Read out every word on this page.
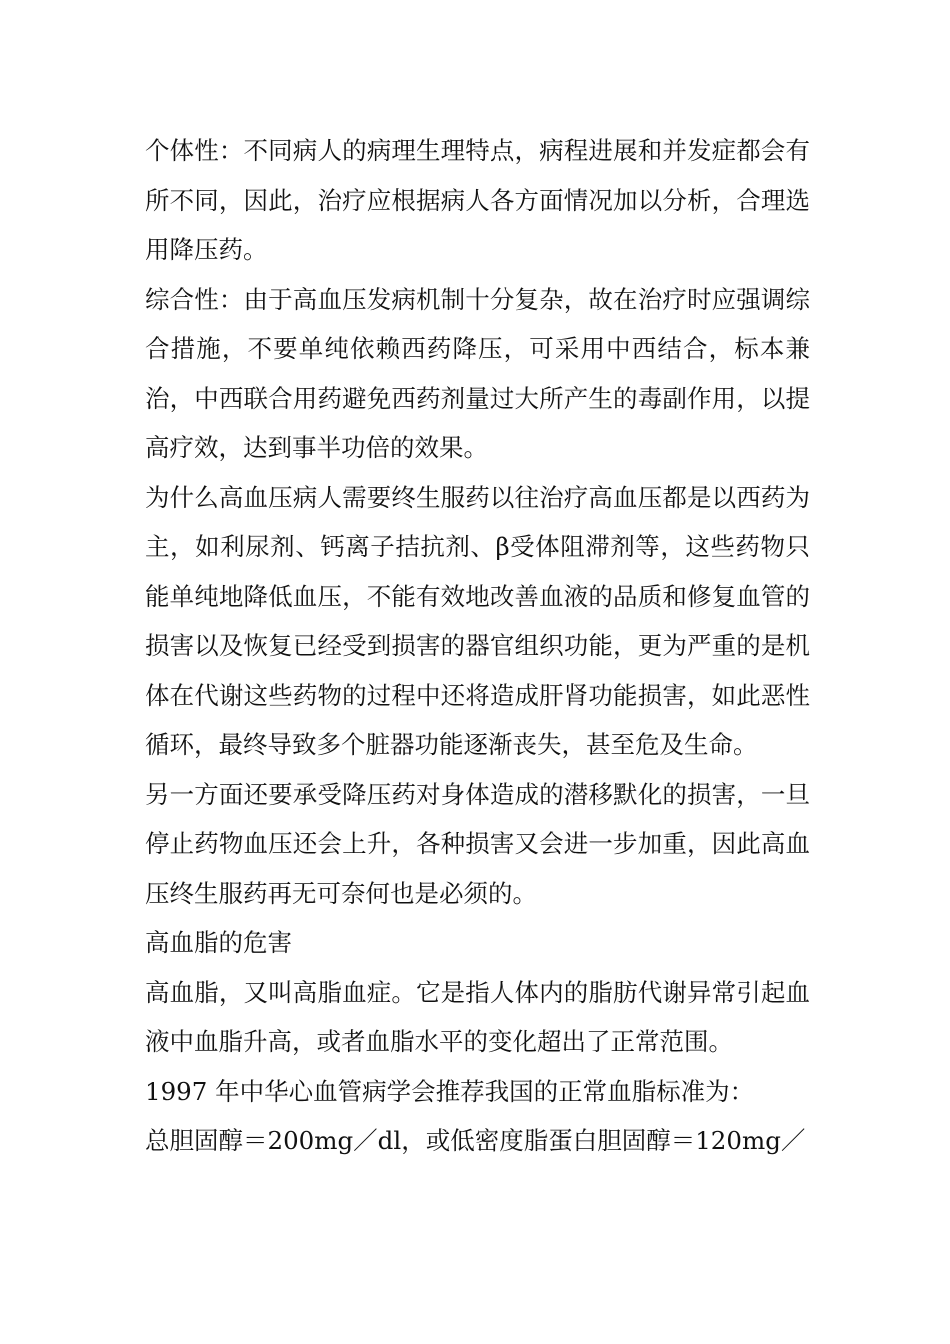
个体性：不同病人的病理生理特点，病程进展和并发症都会有所不同，因此，治疗应根据病人各方面情况加以分析，合理选用降压药。

综合性：由于高血压发病机制十分复杂，故在治疗时应强调综合措施，不要单纯依赖西药降压，可采用中西结合，标本兼治，中西联合用药避免西药剂量过大所产生的毒副作用，以提高疗效，达到事半功倍的效果。

为什么高血压病人需要终生服药以往治疗高血压都是以西药为主，如利尿剂、钙离子拮抗剂、β受体阻滞剂等，这些药物只能单纯地降低血压，不能有效地改善血液的品质和修复血管的损害以及恢复已经受到损害的器官组织功能，更为严重的是机体在代谢这些药物的过程中还将造成肝肾功能损害，如此恶性循环，最终导致多个脏器功能逐渐丧失，甚至危及生命。

另一方面还要承受降压药对身体造成的潜移默化的损害，一旦停止药物血压还会上升，各种损害又会进一步加重，因此高血压终生服药再无可奈何也是必须的。

高血脂的危害

高血脂，又叫高脂血症。它是指人体内的脂肪代谢异常引起血液中血脂升高，或者血脂水平的变化超出了正常范围。

1997 年中华心血管病学会推荐我国的正常血脂标准为：

总胆固醇＝200mg／dl，或低密度脂蛋白胆固醇＝120mg／
